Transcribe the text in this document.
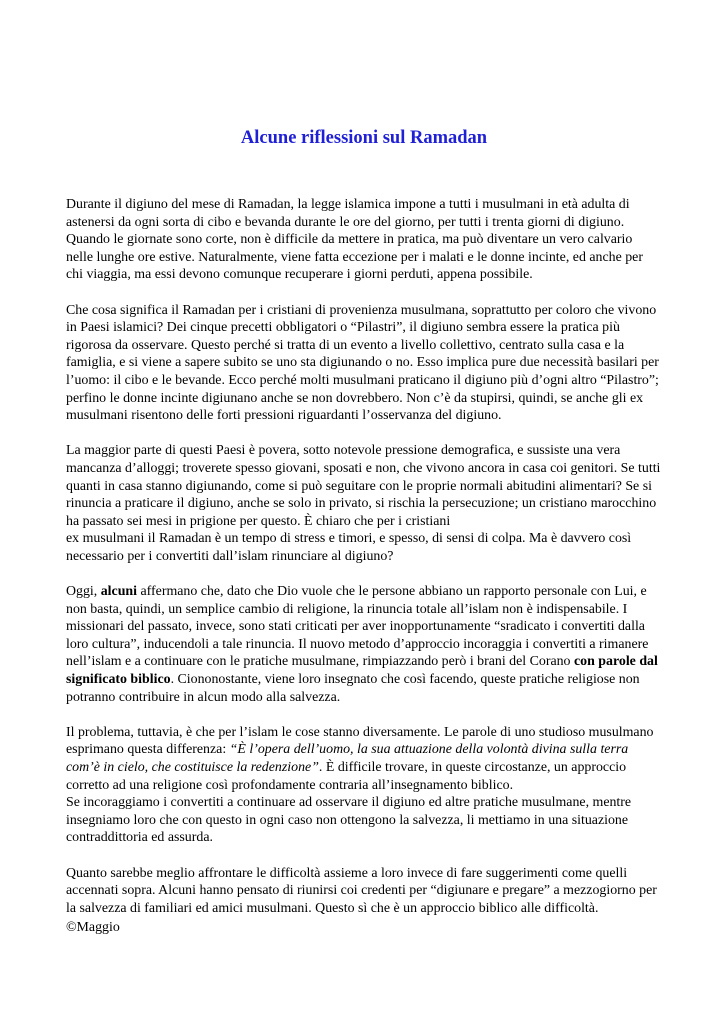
Alcune riflessioni sul Ramadan

Durante il digiuno del mese di Ramadan, la legge islamica impone a tutti i musulmani in età adulta di astenersi da ogni sorta di cibo e bevanda durante le ore del giorno, per tutti i trenta giorni di digiuno. Quando le giornate sono corte, non è difficile da mettere in pratica, ma può diventare un vero calvario nelle lunghe ore estive. Naturalmente, viene fatta eccezione per i malati e le donne incinte, ed anche per chi viaggia, ma essi devono comunque recuperare i giorni perduti, appena possibile.

Che cosa significa il Ramadan per i cristiani di provenienza musulmana, soprattutto per coloro che vivono in Paesi islamici? Dei cinque precetti obbligatori o “Pilastri”, il digiuno sembra essere la pratica più rigorosa da osservare. Questo perché si tratta di un evento a livello collettivo, centrato sulla casa e la famiglia, e si viene a sapere subito se uno sta digiunando o no. Esso implica pure due necessità basilari per l’uomo: il cibo e le bevande. Ecco perché molti musulmani praticano il digiuno più d’ogni altro “Pilastro”; perfino le donne incinte digiunano anche se non dovrebbero. Non c’è da stupirsi, quindi, se anche gli ex musulmani risentono delle forti pressioni riguardanti l’osservanza del digiuno.

La maggior parte di questi Paesi è povera, sotto notevole pressione demografica, e sussiste una vera mancanza d’alloggi; troverete spesso giovani, sposati e non, che vivono ancora in casa coi genitori. Se tutti quanti in casa stanno digiunando, come si può seguitare con le proprie normali abitudini alimentari? Se si rinuncia a praticare il digiuno, anche se solo in privato, si rischia la persecuzione; un cristiano marocchino ha passato sei mesi in prigione per questo. È chiaro che per i cristiani

ex musulmani il Ramadan è un tempo di stress e timori, e spesso, di sensi di colpa. Ma è davvero così necessario per i convertiti dall’islam rinunciare al digiuno?

Oggi, alcuni affermano che, dato che Dio vuole che le persone abbiano un rapporto personale con Lui, e non basta, quindi, un semplice cambio di religione, la rinuncia totale all’islam non è indispensabile. I missionari del passato, invece, sono stati criticati per aver inopportunamente “sradicato i convertiti dalla loro cultura”, inducendoli a tale rinuncia. Il nuovo metodo d’approccio incoraggia i convertiti a rimanere nell’islam e a continuare con le pratiche musulmane, rimpiazzando però i brani del Corano con parole dal significato biblico. Ciononostante, viene loro insegnato che così facendo, queste pratiche religiose non potranno contribuire in alcun modo alla salvezza.

Il problema, tuttavia, è che per l’islam le cose stanno diversamente. Le parole di uno studioso musulmano esprimano questa differenza: “È l’opera dell’uomo, la sua attuazione della volontà divina sulla terra com’è in cielo, che costituisce la redenzione”. È difficile trovare, in queste circostanze, un approccio corretto ad una religione così profondamente contraria all’insegnamento biblico.

Se incoraggiamo i convertiti a continuare ad osservare il digiuno ed altre pratiche musulmane, mentre insegniamo loro che con questo in ogni caso non ottengono la salvezza, li mettiamo in una situazione contraddittoria ed assurda.

Quanto sarebbe meglio affrontare le difficoltà assieme a loro invece di fare suggerimenti come quelli accennati sopra. Alcuni hanno pensato di riunirsi coi credenti per “digiunare e pregare” a mezzogiorno per la salvezza di familiari ed amici musulmani. Questo sì che è un approccio biblico alle difficoltà.

©Maggio
